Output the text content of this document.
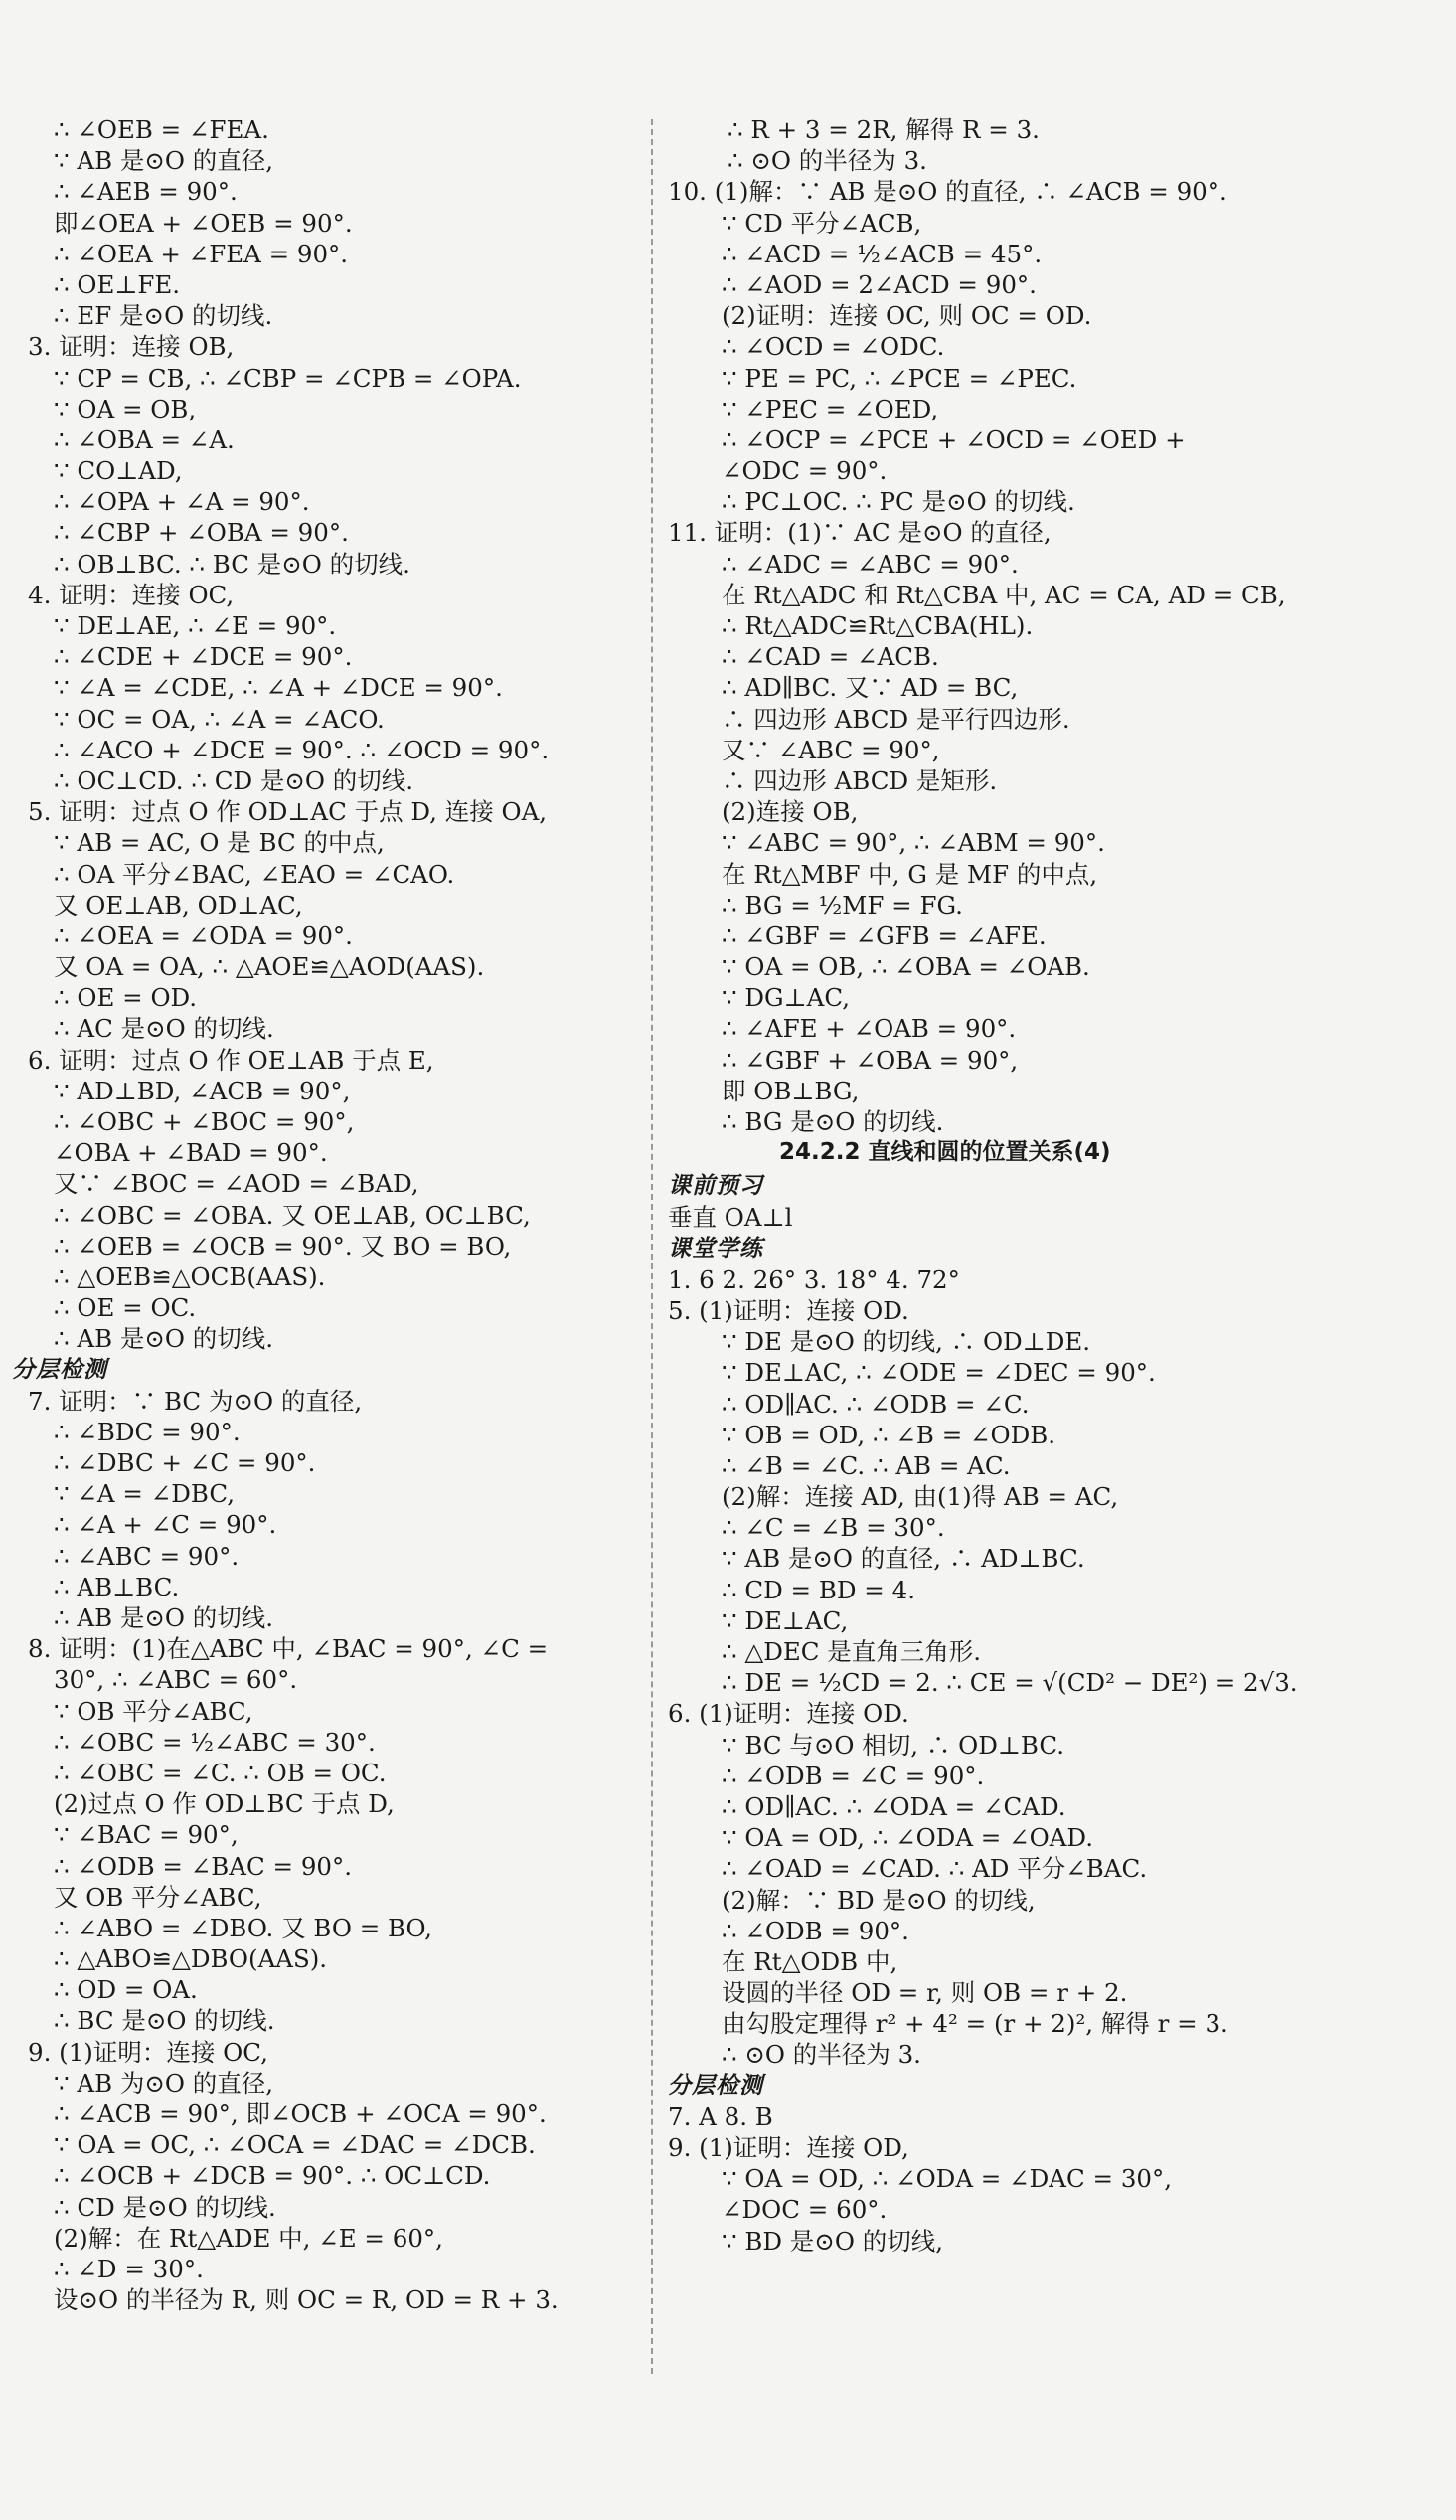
∴ ∠OEB = ∠FEA.
∵ AB 是⊙O 的直径,
∴ ∠AEB = 90°.
即∠OEA + ∠OEB = 90°.
∴ ∠OEA + ∠FEA = 90°.
∴ OE⊥FE.
∴ EF 是⊙O 的切线.
3. 证明：连接 OB,
∵ CP = CB, ∴ ∠CBP = ∠CPB = ∠OPA.
∵ OA = OB,
∴ ∠OBA = ∠A.
∵ CO⊥AD,
∴ ∠OPA + ∠A = 90°.
∴ ∠CBP + ∠OBA = 90°.
∴ OB⊥BC. ∴ BC 是⊙O 的切线.
4. 证明：连接 OC,
∵ DE⊥AE, ∴ ∠E = 90°.
∴ ∠CDE + ∠DCE = 90°.
∵ ∠A = ∠CDE, ∴ ∠A + ∠DCE = 90°.
∵ OC = OA, ∴ ∠A = ∠ACO.
∴ ∠ACO + ∠DCE = 90°. ∴ ∠OCD = 90°.
∴ OC⊥CD. ∴ CD 是⊙O 的切线.
5. 证明：过点 O 作 OD⊥AC 于点 D, 连接 OA,
∵ AB = AC, O 是 BC 的中点,
∴ OA 平分∠BAC, ∠EAO = ∠CAO.
又 OE⊥AB, OD⊥AC,
∴ ∠OEA = ∠ODA = 90°.
又 OA = OA, ∴ △AOE≌△AOD(AAS).
∴ OE = OD.
∴ AC 是⊙O 的切线.
6. 证明：过点 O 作 OE⊥AB 于点 E,
∵ AD⊥BD, ∠ACB = 90°,
∴ ∠OBC + ∠BOC = 90°,
∠OBA + ∠BAD = 90°.
又∵ ∠BOC = ∠AOD = ∠BAD,
∴ ∠OBC = ∠OBA. 又 OE⊥AB, OC⊥BC,
∴ ∠OEB = ∠OCB = 90°. 又 BO = BO,
∴ △OEB≌△OCB(AAS).
∴ OE = OC.
∴ AB 是⊙O 的切线.
分层检测
7. 证明：∵ BC 为⊙O 的直径,
∴ ∠BDC = 90°.
∴ ∠DBC + ∠C = 90°.
∵ ∠A = ∠DBC,
∴ ∠A + ∠C = 90°.
∴ ∠ABC = 90°.
∴ AB⊥BC.
∴ AB 是⊙O 的切线.
8. 证明：(1)在△ABC 中, ∠BAC = 90°, ∠C =
30°, ∴ ∠ABC = 60°.
∵ OB 平分∠ABC,
∴ ∠OBC = ½∠ABC = 30°.
∴ ∠OBC = ∠C. ∴ OB = OC.
(2)过点 O 作 OD⊥BC 于点 D,
∵ ∠BAC = 90°,
∴ ∠ODB = ∠BAC = 90°.
又 OB 平分∠ABC,
∴ ∠ABO = ∠DBO. 又 BO = BO,
∴ △ABO≌△DBO(AAS).
∴ OD = OA.
∴ BC 是⊙O 的切线.
9. (1)证明：连接 OC,
∵ AB 为⊙O 的直径,
∴ ∠ACB = 90°, 即∠OCB + ∠OCA = 90°.
∵ OA = OC, ∴ ∠OCA = ∠DAC = ∠DCB.
∴ ∠OCB + ∠DCB = 90°. ∴ OC⊥CD.
∴ CD 是⊙O 的切线.
(2)解：在 Rt△ADE 中, ∠E = 60°,
∴ ∠D = 30°.
设⊙O 的半径为 R, 则 OC = R, OD = R + 3.
∴ R + 3 = 2R, 解得 R = 3.
∴ ⊙O 的半径为 3.
10. (1)解：∵ AB 是⊙O 的直径, ∴ ∠ACB = 90°.
∵ CD 平分∠ACB,
∴ ∠ACD = ½∠ACB = 45°.
∴ ∠AOD = 2∠ACD = 90°.
(2)证明：连接 OC, 则 OC = OD.
∴ ∠OCD = ∠ODC.
∵ PE = PC, ∴ ∠PCE = ∠PEC.
∵ ∠PEC = ∠OED,
∴ ∠OCP = ∠PCE + ∠OCD = ∠OED +
∠ODC = 90°.
∴ PC⊥OC. ∴ PC 是⊙O 的切线.
11. 证明：(1)∵ AC 是⊙O 的直径,
∴ ∠ADC = ∠ABC = 90°.
在 Rt△ADC 和 Rt△CBA 中, AC = CA, AD = CB,
∴ Rt△ADC≌Rt△CBA(HL).
∴ ∠CAD = ∠ACB.
∴ AD∥BC. 又∵ AD = BC,
∴ 四边形 ABCD 是平行四边形.
又∵ ∠ABC = 90°,
∴ 四边形 ABCD 是矩形.
(2)连接 OB,
∵ ∠ABC = 90°, ∴ ∠ABM = 90°.
在 Rt△MBF 中, G 是 MF 的中点,
∴ BG = ½MF = FG.
∴ ∠GBF = ∠GFB = ∠AFE.
∵ OA = OB, ∴ ∠OBA = ∠OAB.
∵ DG⊥AC,
∴ ∠AFE + ∠OAB = 90°.
∴ ∠GBF + ∠OBA = 90°,
即 OB⊥BG,
∴ BG 是⊙O 的切线.
24.2.2 直线和圆的位置关系(4)
课前预习
垂直 OA⊥l
课堂学练
1. 6 2. 26° 3. 18° 4. 72°
5. (1)证明：连接 OD.
∵ DE 是⊙O 的切线, ∴ OD⊥DE.
∵ DE⊥AC, ∴ ∠ODE = ∠DEC = 90°.
∴ OD∥AC. ∴ ∠ODB = ∠C.
∵ OB = OD, ∴ ∠B = ∠ODB.
∴ ∠B = ∠C. ∴ AB = AC.
(2)解：连接 AD, 由(1)得 AB = AC,
∴ ∠C = ∠B = 30°.
∵ AB 是⊙O 的直径, ∴ AD⊥BC.
∴ CD = BD = 4.
∵ DE⊥AC,
∴ △DEC 是直角三角形.
∴ DE = ½CD = 2. ∴ CE = √(CD² − DE²) = 2√3.
6. (1)证明：连接 OD.
∵ BC 与⊙O 相切, ∴ OD⊥BC.
∴ ∠ODB = ∠C = 90°.
∴ OD∥AC. ∴ ∠ODA = ∠CAD.
∵ OA = OD, ∴ ∠ODA = ∠OAD.
∴ ∠OAD = ∠CAD. ∴ AD 平分∠BAC.
(2)解：∵ BD 是⊙O 的切线,
∴ ∠ODB = 90°.
在 Rt△ODB 中,
设圆的半径 OD = r, 则 OB = r + 2.
由勾股定理得 r² + 4² = (r + 2)², 解得 r = 3.
∴ ⊙O 的半径为 3.
分层检测
7. A 8. B
9. (1)证明：连接 OD,
∵ OA = OD, ∴ ∠ODA = ∠DAC = 30°,
∠DOC = 60°.
∵ BD 是⊙O 的切线,
